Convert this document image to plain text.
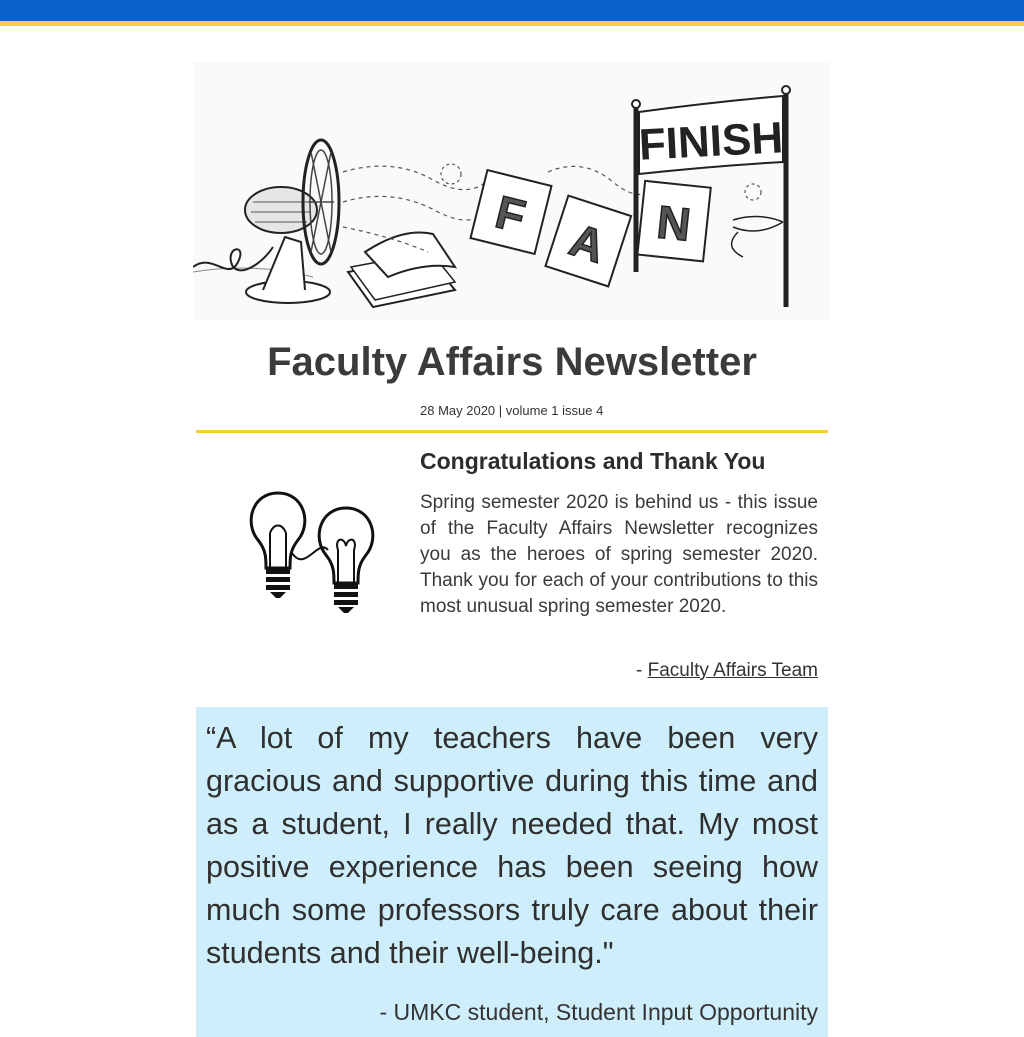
F A N
FINISH
Faculty Affairs Newsletter
28 May 2020 | volume 1 issue 4
Congratulations and Thank You

Spring semester 2020 is behind us - this issue of the Faculty Affairs Newsletter recognizes you as the heroes of spring semester 2020. Thank you for each of your contributions to this most unusual spring semester 2020.

- Faculty Affairs Team

“A lot of my teachers have been very gracious and supportive during this time and as a student, I really needed that. My most positive experience has been seeing how much some professors truly care about their students and their well-being."

- UMKC student, Student Input Opportunity
